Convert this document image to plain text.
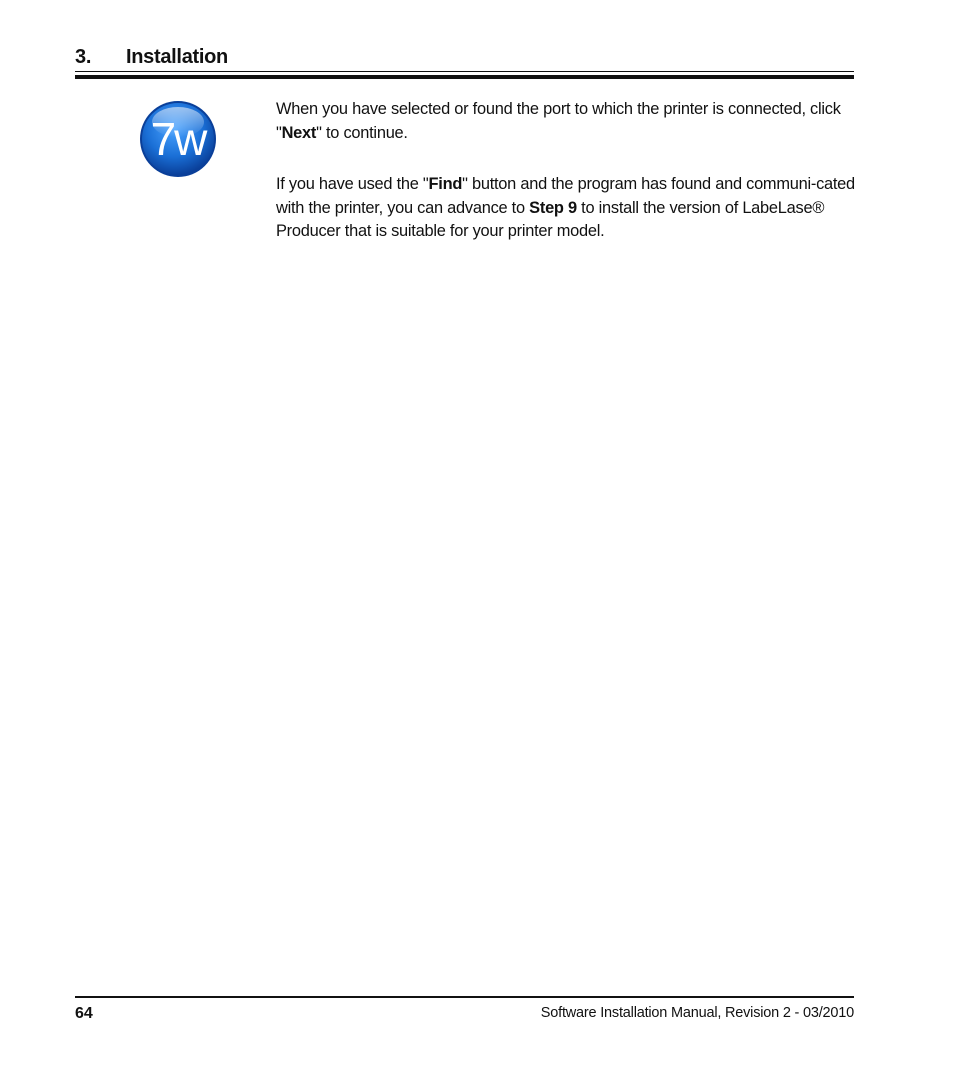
3. Installation
7w

When you have selected or found the port to which the printer is connected, click "Next" to continue.

If you have used the "Find" button and the program has found and communi-cated with the printer, you can advance to Step 9 to install the version of LabeLase® Producer that is suitable for your printer model.

64	Software Installation Manual, Revision 2 - 03/2010
